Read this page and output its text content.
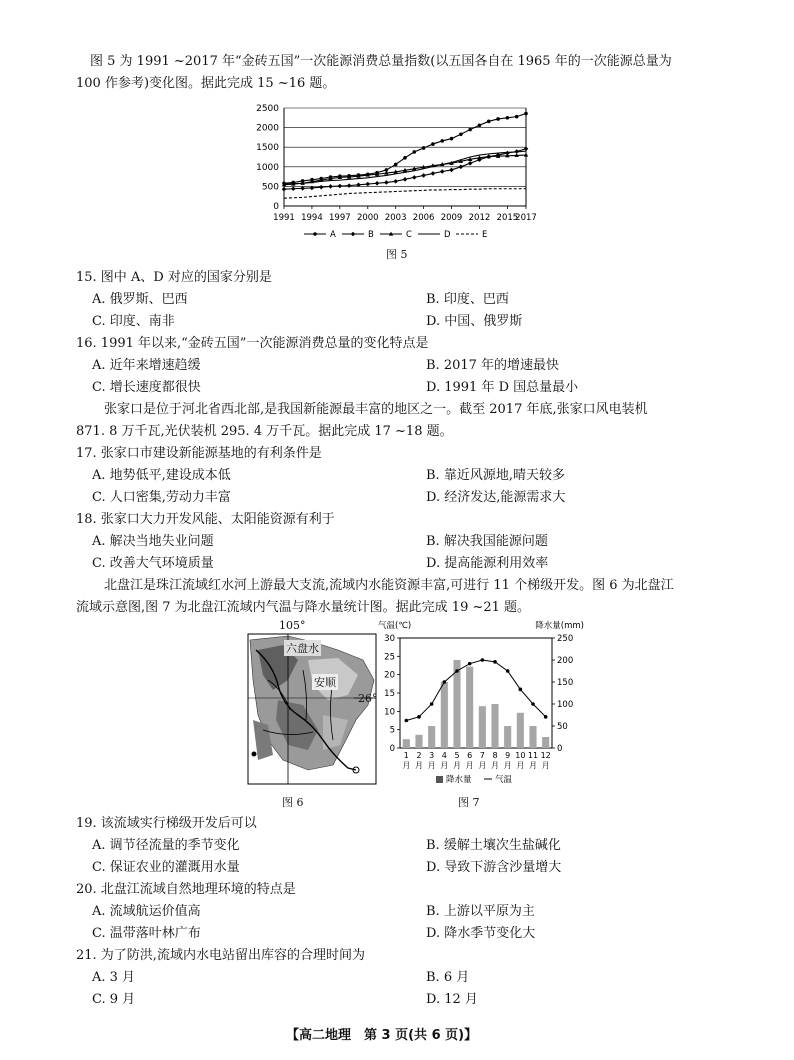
图 5 为 1991 ~2017 年“金砖五国”一次能源消费总量指数(以五国各自在 1965 年的一次能源总量为
100 作参考)变化图。据此完成 15 ~16 题。
0
500
1000
1500
2000
2500
1991 1994 1997 2000 2003 2006 2009 2012 2015
2017
A	B	C	D	E
图 5
15. 图中 A、D 对应的国家分别是
A. 俄罗斯、巴西	B. 印度、巴西
C. 印度、南非	D. 中国、俄罗斯
16. 1991 年以来,“金砖五国”一次能源消费总量的变化特点是
A. 近年来增速趋缓	B. 2017 年的增速最快
C. 增长速度都很快	D. 1991 年 D 国总量最小
张家口是位于河北省西北部,是我国新能源最丰富的地区之一。截至 2017 年底,张家口风电装机
871. 8 万千瓦,光伏装机 295. 4 万千瓦。据此完成 17 ~18 题。
17. 张家口市建设新能源基地的有利条件是
A. 地势低平,建设成本低	B. 靠近风源地,晴天较多
C. 人口密集,劳动力丰富	D. 经济发达,能源需求大
18. 张家口大力开发风能、太阳能资源有利于
A. 解决当地失业问题	B. 解决我国能源问题
C. 改善大气环境质量	D. 提高能源利用效率
北盘江是珠江流域红水河上游最大支流,流域内水能资源丰富,可进行 11 个梯级开发。图 6 为北盘江
流域示意图,图 7 为北盘江流域内气温与降水量统计图。据此完成 19 ~21 题。
105°
六盘水
安顺
26°
图 6
气温(℃)	降水量(mm)
0
5
10
15
20
25
30
0
50
100
150
200
250
1
月
2
月
3
月
4
月
5
月
6
月
7
月
8
月
9
月
10
月
11
月
12
月
降水量	气温
图 7
19. 该流域实行梯级开发后可以
A. 调节径流量的季节变化	B. 缓解土壤次生盐碱化
C. 保证农业的灌溉用水量	D. 导致下游含沙量增大
20. 北盘江流域自然地理环境的特点是
A. 流域航运价值高	B. 上游以平原为主
C. 温带落叶林广布	D. 降水季节变化大
21. 为了防洪,流域内水电站留出库容的合理时间为
A. 3 月	B. 6 月
C. 9 月	D. 12 月
【高二地理　第 3 页(共 6 页)】
